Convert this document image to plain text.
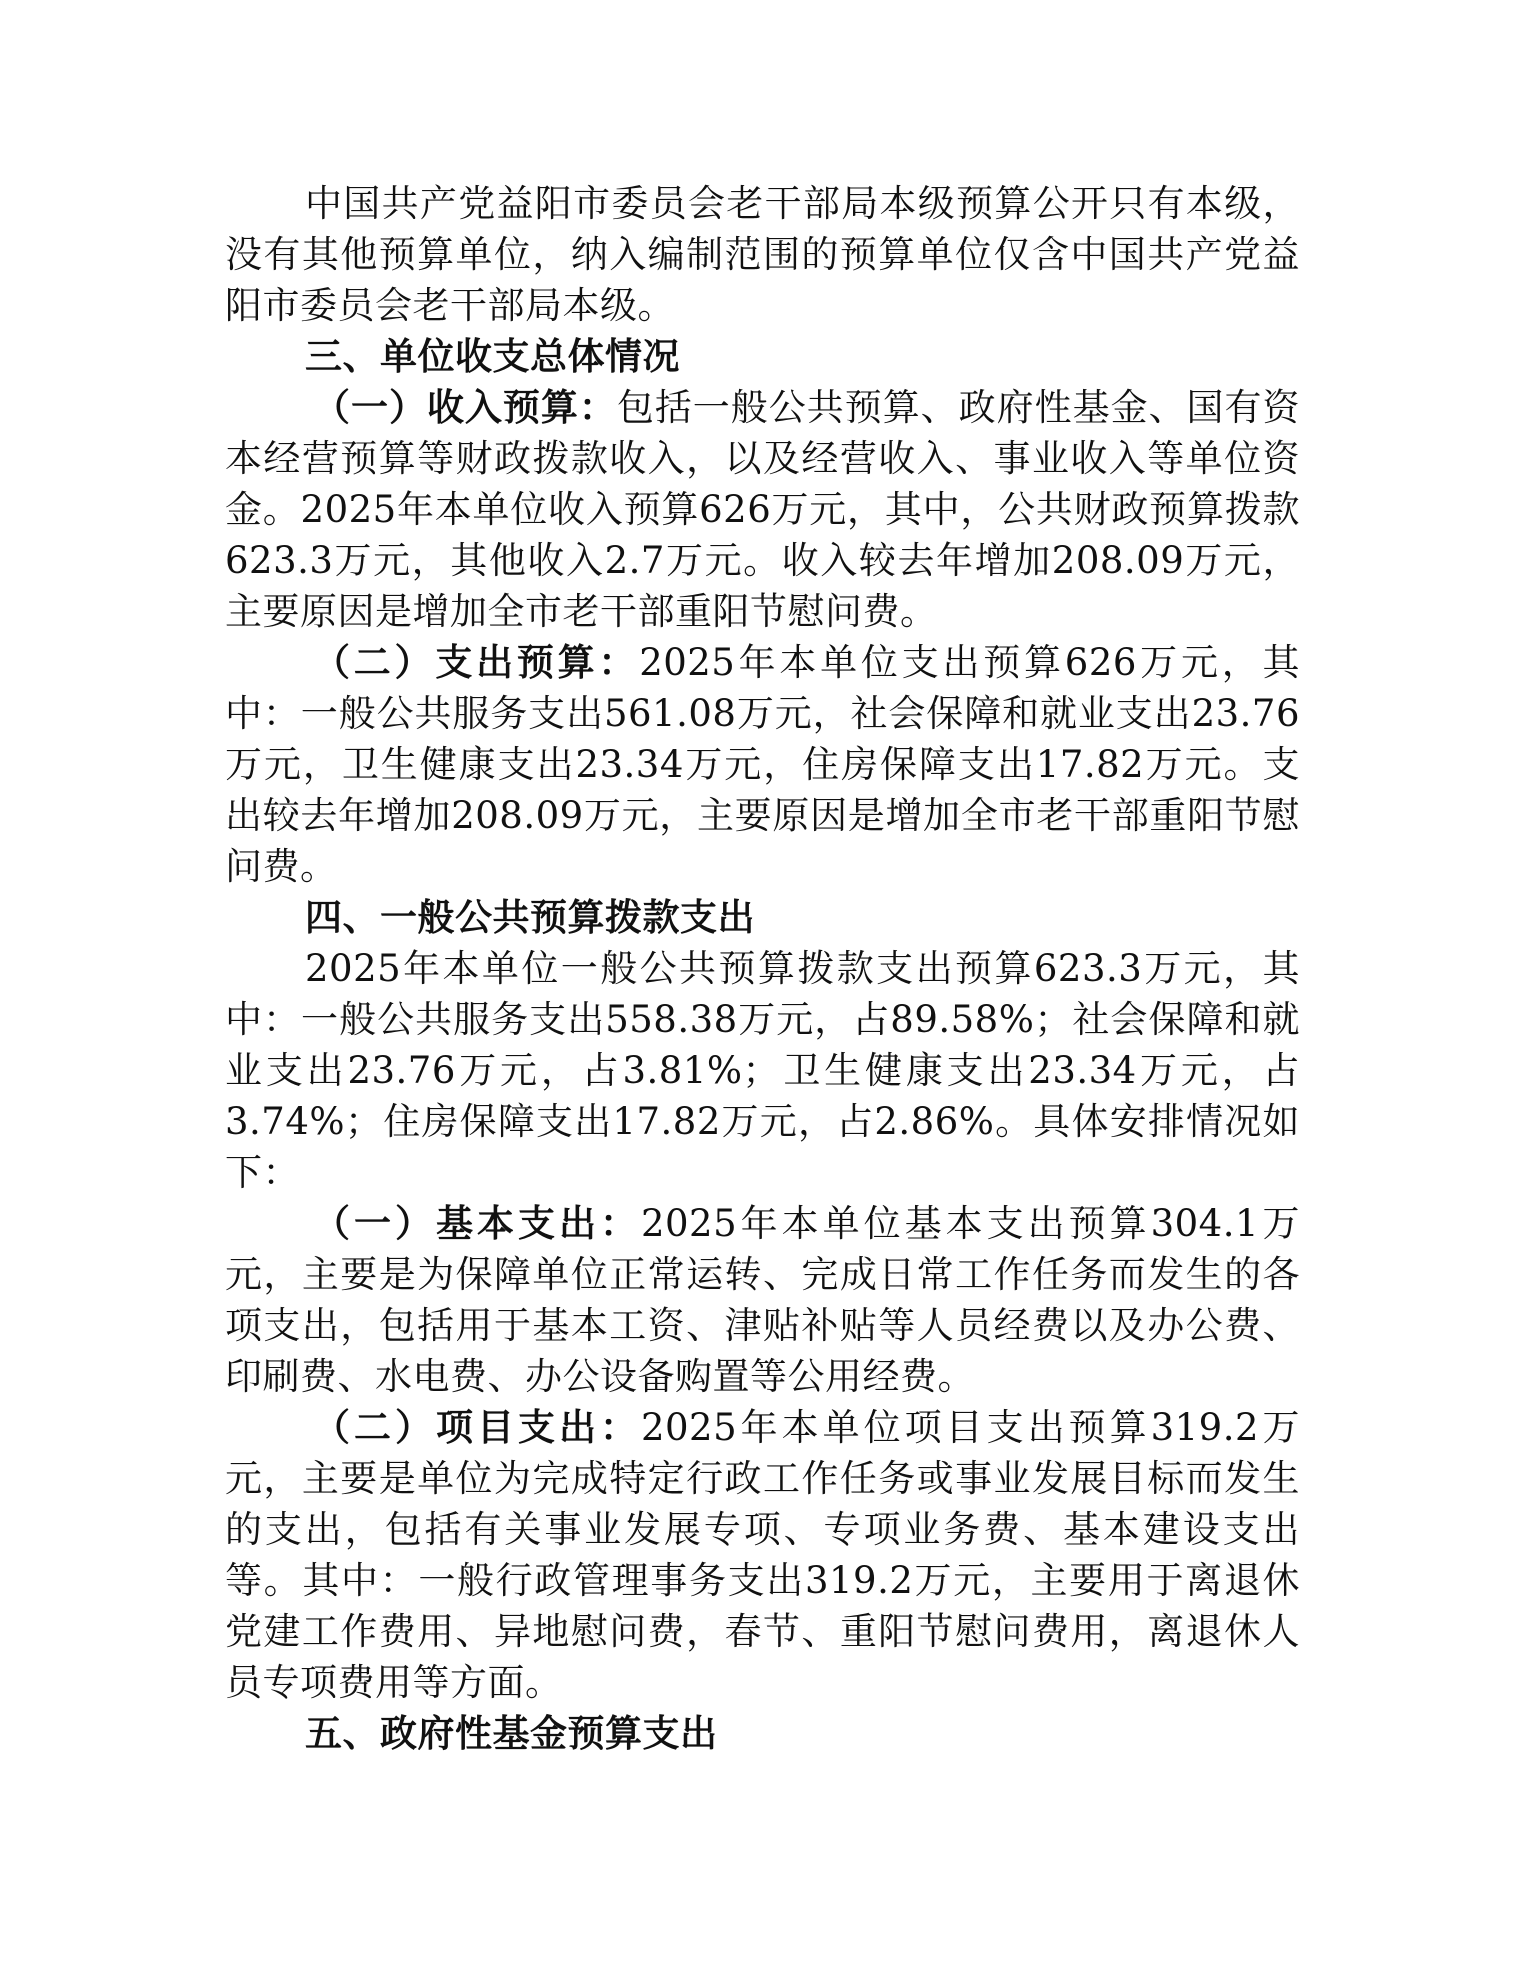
中国共产党益阳市委员会老干部局本级预算公开只有本级，没有其他预算单位，纳入编制范围的预算单位仅含中国共产党益阳市委员会老干部局本级。

三、单位收支总体情况

（一）收入预算：包括一般公共预算、政府性基金、国有资本经营预算等财政拨款收入，以及经营收入、事业收入等单位资金。2025年本单位收入预算626万元，其中，公共财政预算拨款623.3万元，其他收入2.7万元。收入较去年增加208.09万元，主要原因是增加全市老干部重阳节慰问费。

（二）支出预算：2025年本单位支出预算626万元，其中：一般公共服务支出561.08万元，社会保障和就业支出23.76万元，卫生健康支出23.34万元，住房保障支出17.82万元。支出较去年增加208.09万元，主要原因是增加全市老干部重阳节慰问费。

四、一般公共预算拨款支出

2025年本单位一般公共预算拨款支出预算623.3万元，其中：一般公共服务支出558.38万元，占89.58%；社会保障和就业支出23.76万元，占3.81%；卫生健康支出23.34万元，占3.74%；住房保障支出17.82万元，占2.86%。具体安排情况如下：

（一）基本支出：2025年本单位基本支出预算304.1万元，主要是为保障单位正常运转、完成日常工作任务而发生的各项支出，包括用于基本工资、津贴补贴等人员经费以及办公费、印刷费、水电费、办公设备购置等公用经费。

（二）项目支出：2025年本单位项目支出预算319.2万元，主要是单位为完成特定行政工作任务或事业发展目标而发生的支出，包括有关事业发展专项、专项业务费、基本建设支出等。其中：一般行政管理事务支出319.2万元，主要用于离退休党建工作费用、异地慰问费，春节、重阳节慰问费用，离退休人员专项费用等方面。

五、政府性基金预算支出
